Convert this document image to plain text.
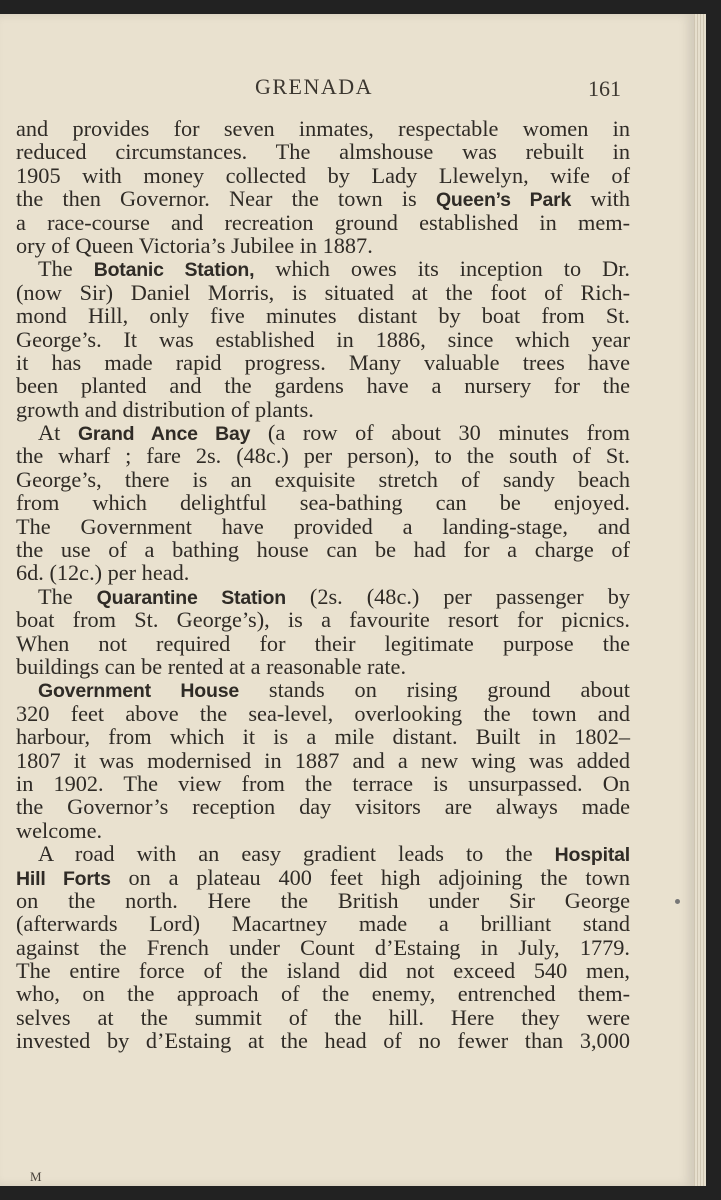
GRENADA	161
and provides for seven inmates, respectable women in
reduced circumstances. The almshouse was rebuilt in
1905 with money collected by Lady Llewelyn, wife of
the then Governor. Near the town is Queen’s Park with
a race-course and recreation ground established in mem-
ory of Queen Victoria’s Jubilee in 1887.
The Botanic Station, which owes its inception to Dr.
(now Sir) Daniel Morris, is situated at the foot of Rich-
mond Hill, only five minutes distant by boat from St.
George’s. It was established in 1886, since which year
it has made rapid progress. Many valuable trees have
been planted and the gardens have a nursery for the
growth and distribution of plants.
At Grand Ance Bay (a row of about 30 minutes from
the wharf ; fare 2s. (48c.) per person), to the south of St.
George’s, there is an exquisite stretch of sandy beach
from which delightful sea-bathing can be enjoyed.
The Government have provided a landing-stage, and
the use of a bathing house can be had for a charge of
6d. (12c.) per head.
The Quarantine Station (2s. (48c.) per passenger by
boat from St. George’s), is a favourite resort for picnics.
When not required for their legitimate purpose the
buildings can be rented at a reasonable rate.
Government House stands on rising ground about
320 feet above the sea-level, overlooking the town and
harbour, from which it is a mile distant. Built in 1802–
1807 it was modernised in 1887 and a new wing was added
in 1902. The view from the terrace is unsurpassed. On
the Governor’s reception day visitors are always made
welcome.
A road with an easy gradient leads to the Hospital
Hill Forts on a plateau 400 feet high adjoining the town
on the north. Here the British under Sir George
(afterwards Lord) Macartney made a brilliant stand
against the French under Count d’Estaing in July, 1779.
The entire force of the island did not exceed 540 men,
who, on the approach of the enemy, entrenched them-
selves at the summit of the hill. Here they were
invested by d’Estaing at the head of no fewer than 3,000
M
